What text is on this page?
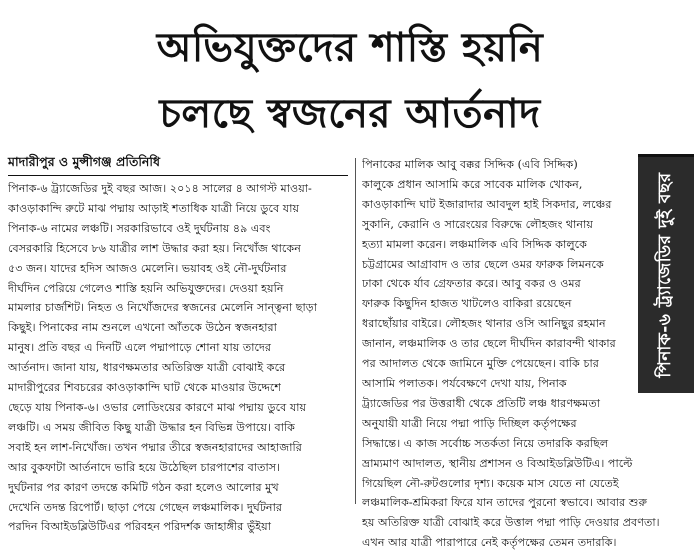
অভিযুক্তদের শাস্তি হয়নি
চলছে স্বজনের আর্তনাদ
মাদারীপুর ও মুন্সীগঞ্জ প্রতিনিধি
পিনাক-৬ ট্র্যাজেডির দুই বছর আজ। ২০১৪ সালের ৪ আগস্ট মাওয়া-
কাওড়াকান্দি রুটে মাঝ পদ্মায় আড়াই শতাধিক যাত্রী নিয়ে ডুবে যায়
পিনাক-৬ নামের লঞ্চটি। সরকারিভাবে ওই দুর্ঘটনায় ৪৯ এবং
বেসরকারি হিসেবে ৮৬ যাত্রীর লাশ উদ্ধার করা হয়। নিখোঁজ থাকেন
৫৩ জন। যাদের হদিস আজও মেলেনি। ভয়াবহ ওই নৌ-দুর্ঘটনার
দীর্ঘদিন পেরিয়ে গেলেও শাস্তি হয়নি অভিযুক্তদের। দেওয়া হয়নি
মামলার চার্জশিট। নিহত ও নিখোঁজদের স্বজনের মেলেনি সান্ত্বনা ছাড়া
কিছুই। পিনাকের নাম শুনলে এখনো আঁতকে উঠেন স্বজনহারা
মানুষ। প্রতি বছর এ দিনটি এলে পদ্মাপাড়ে শোনা যায় তাদের
আর্তনাদ। জানা যায়, ধারণক্ষমতার অতিরিক্ত যাত্রী বোঝাই করে
মাদারীপুরের শিবচরের কাওড়াকান্দি ঘাট থেকে মাওয়ার উদ্দেশে
ছেড়ে যায় পিনাক-৬। ওভার লোডিংয়ের কারণে মাঝ পদ্মায় ডুবে যায়
লঞ্চটি। এ সময় জীবিত কিছু যাত্রী উদ্ধার হন বিভিন্ন উপায়ে। বাকি
সবাই হন লাশ-নিখোঁজ। তখন পদ্মার তীরে স্বজনহারাদের আহাজারি
আর বুকফাটা আর্তনাদে ভারি হয়ে উঠেছিল চারপাশের বাতাস।
দুর্ঘটনার পর কারণ তদন্তে কমিটি গঠন করা হলেও আলোর মুখ
দেখেনি তদন্ত রিপোর্ট। ছাড়া পেয়ে গেছেন লঞ্চমালিক। দুর্ঘটনার
পরদিন বিআইডব্লিউটিএর পরিবহন পরিদর্শক জাহাঙ্গীর ভুঁইয়া
পিনাকের মালিক আবু বক্কর সিদ্দিক (এবি সিদ্দিক)
কালুকে প্রধান আসামি করে সাবেক মালিক খোকন,
কাওড়াকান্দি ঘাট ইজারাদার আবদুল হাই সিকদার, লঞ্চের
সুকানি, কেরানি ও সারেংয়ের বিরুদ্ধে লৌহজং থানায়
হত্যা মামলা করেন। লঞ্চমালিক এবি সিদ্দিক কালুকে
চট্টগ্রামের আগ্রাবাদ ও তার ছেলে ওমর ফারুক লিমনকে
ঢাকা থেকে র্যাব গ্রেফতার করে। আবু বকর ও ওমর
ফারুক কিছুদিন হাজত খাটলেও বাকিরা রয়েছেন
ধরাছোঁয়ার বাইরে। লৌহজং থানার ওসি আনিছুর রহমান
জানান, লঞ্চমালিক ও তার ছেলে দীর্ঘদিন কারাবন্দী থাকার
পর আদালত থেকে জামিনে মুক্তি পেয়েছেন। বাকি চার
আসামি পলাতক। পর্যবেক্ষণে দেখা যায়, পিনাক
ট্র্যাজেডির পর উত্তরাধী থেকে প্রতিটি লঞ্চ ধারণক্ষমতা
অনুযায়ী যাত্রী নিয়ে পদ্মা পাড়ি দিচ্ছিল কর্তৃপক্ষের
সিদ্ধান্তে। এ কাজ সর্বোচ্চ সতর্কতা নিয়ে তদারকি করছিল
ভ্রাম্যমাণ আদালত, স্থানীয় প্রশাসন ও বিআইডব্লিউটিএ। পাল্টে
গিয়েছিল নৌ-রুটগুলোর দৃশ্য। কয়েক মাস যেতে না যেতেই
লঞ্চমালিক-শ্রমিকরা ফিরে যান তাদের পুরনো স্বভাবে। আবার শুরু
হয় অতিরিক্ত যাত্রী বোঝাই করে উত্তাল পদ্মা পাড়ি দেওয়ার প্রবণতা।
এখন আর যাত্রী পারাপারে নেই কর্তৃপক্ষের তেমন তদারকি।
পিনাক-৬ ট্র্যাজেডির দুই বছর
